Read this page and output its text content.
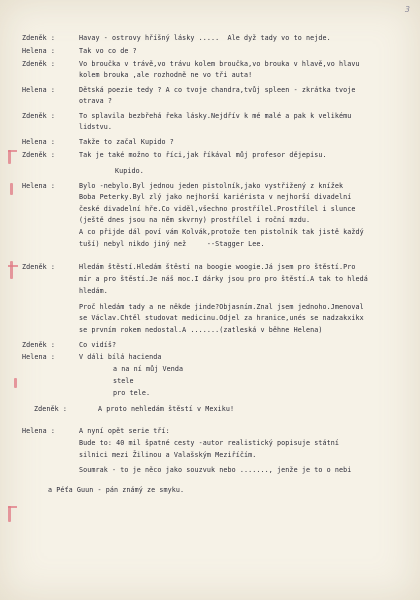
3
Zdeněk :	Havay - ostrovy hříšný lásky .....  Ale dyž tady vo to nejde.
Helena :	Tak vo co de ?
Zdeněk :	Vo broučka v trávě,vo trávu kolem broučka,vo brouka v hlavě,vo hlavu
kolem brouka ,ale rozhodně ne vo tři auta!
Helena :	Dětská poezie tedy ? A co tvoje chandra,tvůj spleen - zkrátka tvoje
otrava ?
Zdeněk :	To splavila bezbřehá řeka lásky.Nejdřív k mé malé a pak k velikému
lidstvu.
Helena :	Takže to začal Kupido ?
Zdeněk :	Tak je také možno to říci,jak říkával můj profesor dějepisu.
Kupido.
Helena :	Bylo -nebylo.Byl jednou jeden pistolník,jako vystřižený z knížek
Boba Peterky.Byl zlý jako nejhorší kariérista v nejhorší divadelní
české divadelní hře.Co viděl,všechno prostřílel.Prostřílel i slunce
(ještě dnes jsou na něm skvrny) prostřílel i roční mzdu.
A co přijde dál poví vám Kolvák,protože ten pistolník tak jistě každý
tuší) nebyl nikdo jiný než     --Stagger Lee.
Zdeněk :	Hledám štěstí.Hledám štěstí na boogie woogie.Já jsem pro štěstí.Pro
mír a pro štěstí.Je náš moc.I dárky jsou pro pro štěstí.A tak to hledá
hledám.
Proč hledám tady a ne někde jinde?Objasním.Znal jsem jednoho.Jmenoval
se Václav.Chtěl studovat medicinu.Odjel za hranice,unés se nadzakxikx
se prvním rokem nedostal.A .......(zatleská v běhne Helena)
Zdeněk :	Co vidíš?
Helena :	V dáli bílá hacienda
a na ní můj Venda
stele
pro tele.
Zdeněk :	A proto nehledám štěstí v Mexiku!
Helena :	A nyní opět serie tří:
Bude to: 40 mil špatné cesty -autor realistický popisuje státní
silnici mezi Žilinou a Valašským Meziříčím.
Soumrak - to je něco jako souzvuk nebo ......., jenže je to o nebi
a Péťa Guun - pán známý ze smyku.
